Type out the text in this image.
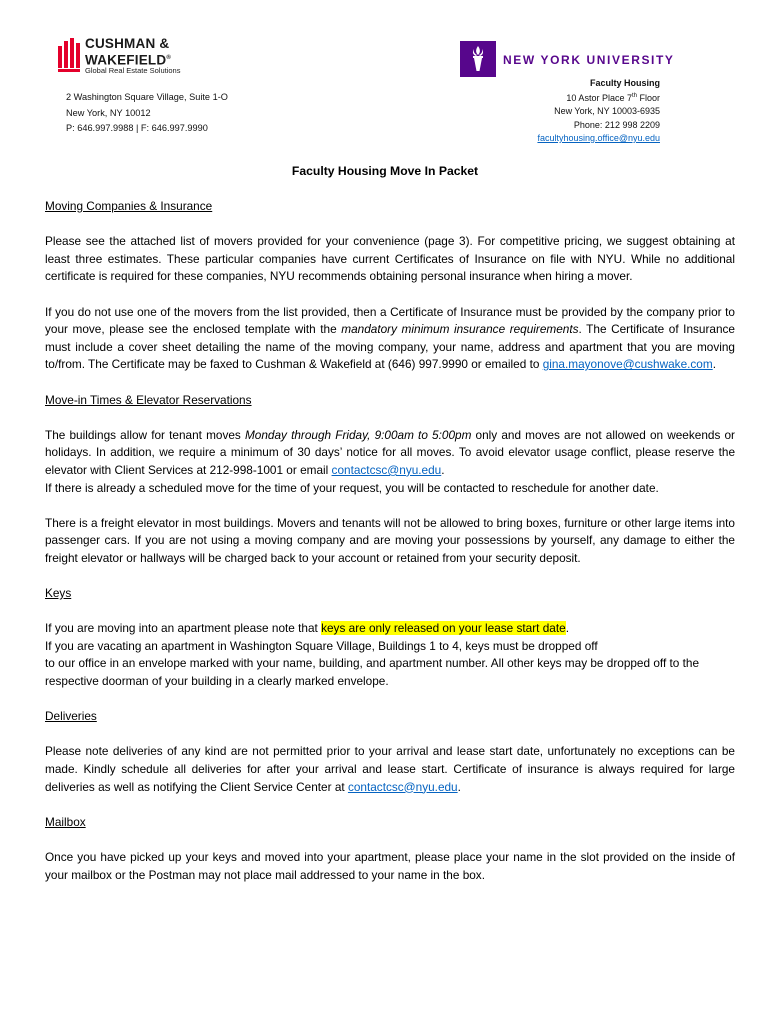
CUSHMAN &
WAKEFIELD®
Global Real Estate Solutions
2 Washington Square Village, Suite 1-O
New York, NY 10012
P: 646.997.9988 | F: 646.997.9990
NEW YORK UNIVERSITY
Faculty Housing
10 Astor Place 7th Floor
New York, NY 10003-6935
Phone: 212 998 2209
facultyhousing.office@nyu.edu
Faculty Housing Move In Packet
Moving Companies & Insurance

Please see the attached list of movers provided for your convenience (page 3). For competitive pricing, we suggest obtaining at least three estimates. These particular companies have current Certificates of Insurance on file with NYU. While no additional certificate is required for these companies, NYU recommends obtaining personal insurance when hiring a mover.

If you do not use one of the movers from the list provided, then a Certificate of Insurance must be provided by the company prior to your move, please see the enclosed template with the mandatory minimum insurance requirements. The Certificate of Insurance must include a cover sheet detailing the name of the moving company, your name, address and apartment that you are moving to/from. The Certificate may be faxed to Cushman & Wakefield at (646) 997.9990 or emailed to gina.mayonove@cushwake.com.

Move-in Times & Elevator Reservations

The buildings allow for tenant moves Monday through Friday, 9:00am to 5:00pm only and moves are not allowed on weekends or holidays. In addition, we require a minimum of 30 days’ notice for all moves. To avoid elevator usage conflict, please reserve the elevator with Client Services at 212-998-1001 or email contactcsc@nyu.edu.
If there is already a scheduled move for the time of your request, you will be contacted to reschedule for another date.

There is a freight elevator in most buildings. Movers and tenants will not be allowed to bring boxes, furniture or other large items into passenger cars. If you are not using a moving company and are moving your possessions by yourself, any damage to either the freight elevator or hallways will be charged back to your account or retained from your security deposit.

Keys

If you are moving into an apartment please note that keys are only released on your lease start date.
If you are vacating an apartment in Washington Square Village, Buildings 1 to 4, keys must be dropped off
to our office in an envelope marked with your name, building, and apartment number. All other keys may be dropped off to the respective doorman of your building in a clearly marked envelope.

Deliveries

Please note deliveries of any kind are not permitted prior to your arrival and lease start date, unfortunately no exceptions can be made. Kindly schedule all deliveries for after your arrival and lease start. Certificate of insurance is always required for large deliveries as well as notifying the Client Service Center at contactcsc@nyu.edu.

Mailbox

Once you have picked up your keys and moved into your apartment, please place your name in the slot provided on the inside of your mailbox or the Postman may not place mail addressed to your name in the box.
